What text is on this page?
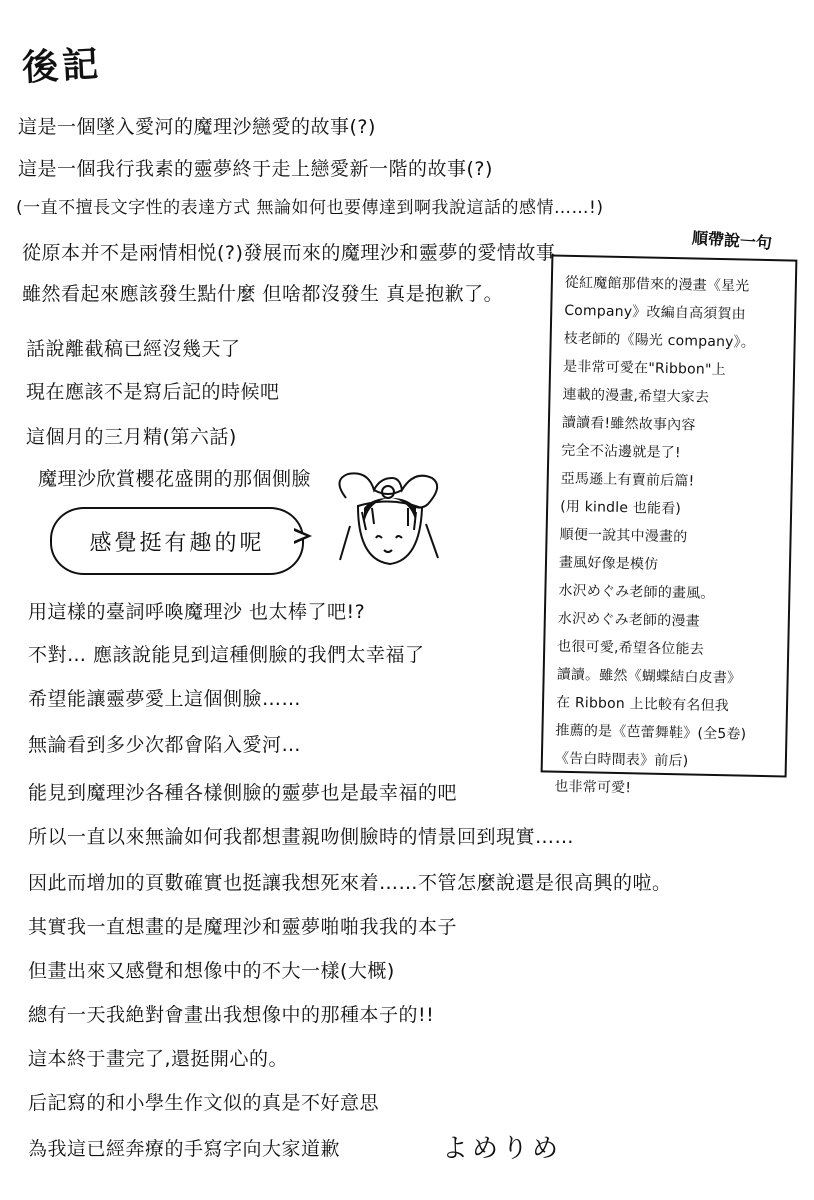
後記
這是一個墜入愛河的魔理沙戀愛的故事(?)
這是一個我行我素的靈夢終于走上戀愛新一階的故事(?)
(一直不擅長文字性的表達方式 無論如何也要傳達到啊我說這話的感情……!)
從原本并不是兩情相悦(?)發展而來的魔理沙和靈夢的愛情故事
雖然看起來應該發生點什麼 但啥都沒發生 真是抱歉了。
話說離截稿已經沒幾天了
現在應該不是寫后記的時候吧
這個月的三月精(第六話)
魔理沙欣賞櫻花盛開的那個側臉
感覺挺有趣的呢
用這樣的臺詞呼喚魔理沙 也太棒了吧!?
不對… 應該說能見到這種側臉的我們太幸福了
希望能讓靈夢愛上這個側臉……
無論看到多少次都會陷入愛河…
能見到魔理沙各種各樣側臉的靈夢也是最幸福的吧
所以一直以來無論如何我都想畫親吻側臉時的情景回到現實……
因此而增加的頁數確實也挺讓我想死來着……不管怎麼說還是很高興的啦。
其實我一直想畫的是魔理沙和靈夢啪啪我我的本子
但畫出來又感覺和想像中的不大一樣(大概)
總有一天我絶對會畫出我想像中的那種本子的!!
這本終于畫完了,還挺開心的。
后記寫的和小學生作文似的真是不好意思
為我這已經奔療的手寫字向大家道歉
順帶說一句
從紅魔館那借來的漫畫《星光
Company》改編自高須賀由
枝老師的《陽光 company》。
是非常可愛在"Ribbon"上
連載的漫畫,希望大家去
讀讀看!雖然故事內容
完全不沾邊就是了!
亞馬遜上有賣前后篇!
(用 kindle 也能看)
順便一說其中漫畫的
畫風好像是模仿
水沢めぐみ老師的畫風。
水沢めぐみ老師的漫畫
也很可愛,希望各位能去
讀讀。雖然《蝴蝶結白皮書》
在 Ribbon 上比較有名但我
推薦的是《芭蕾舞鞋》(全5卷)
《告白時間表》前后)
也非常可愛!
よめりめ
